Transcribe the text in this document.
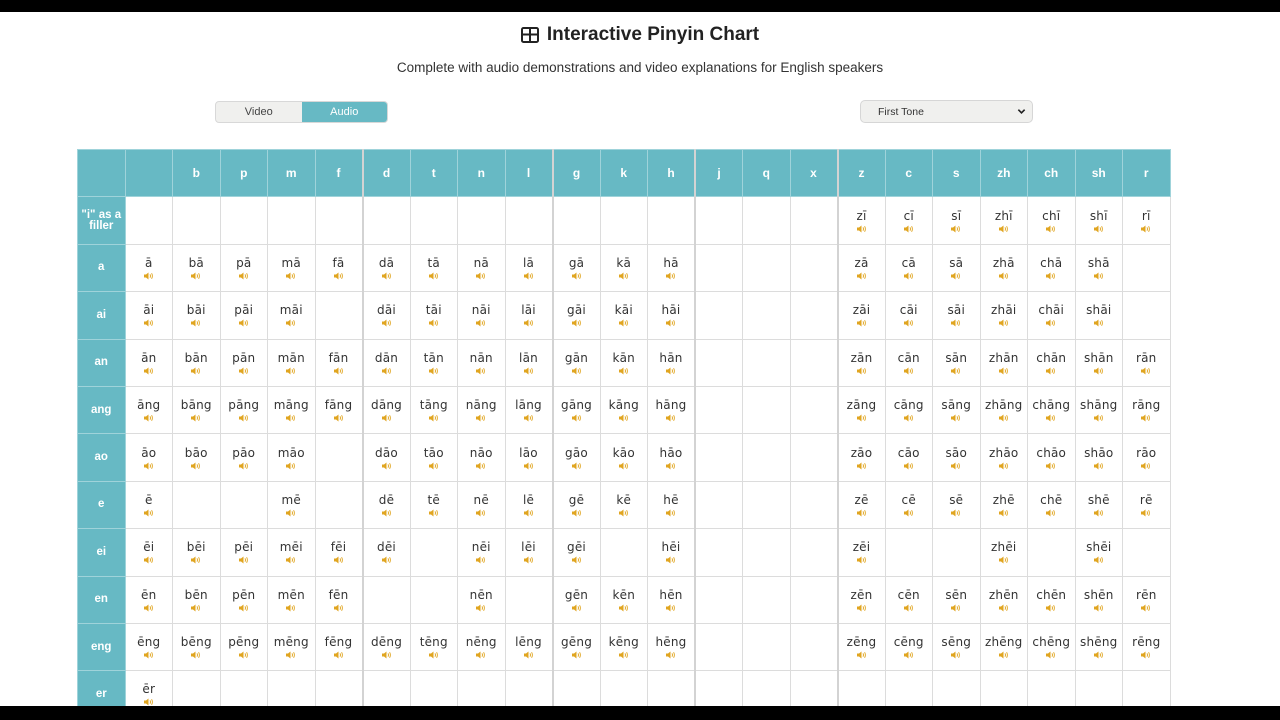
Interactive Pinyin Chart
Complete with audio demonstrations and video explanations for English speakers
Video	Audio	First Tone
		b	p	m	f	d	t	n	l	g	k	h	j	q	x	z	c	s	zh	ch	sh	r
"i" as a filler																zī	cī	sī	zhī	chī	shī	rī

a	ā	bā	pā	mā	fā	dā	tā	nā	lā	gā	kā	hā				zā	cā	sā	zhā	chā	shā	

ai	āi	bāi	pāi	māi		dāi	tāi	nāi	lāi	gāi	kāi	hāi				zāi	cāi	sāi	zhāi	chāi	shāi	

an	ān	bān	pān	mān	fān	dān	tān	nān	lān	gān	kān	hān				zān	cān	sān	zhān	chān	shān	rān

ang	āng	bāng	pāng	māng	fāng	dāng	tāng	nāng	lāng	gāng	kāng	hāng				zāng	cāng	sāng	zhāng	chāng	shāng	rāng

ao	āo	bāo	pāo	māo		dāo	tāo	nāo	lāo	gāo	kāo	hāo				zāo	cāo	sāo	zhāo	chāo	shāo	rāo

e	ē			mē		dē	tē	nē	lē	gē	kē	hē				zē	cē	sē	zhē	chē	shē	rē

ei	ēi	bēi	pēi	mēi	fēi	dēi		nēi	lēi	gēi		hēi				zēi			zhēi		shēi	

en	ēn	bēn	pēn	mēn	fēn			nēn		gēn	kēn	hēn				zēn	cēn	sēn	zhēn	chēn	shēn	rēn

eng	ēng	bēng	pēng	mēng	fēng	dēng	tēng	nēng	lēng	gēng	kēng	hēng				zēng	cēng	sēng	zhēng	chēng	shēng	rēng

er	ēr																					
